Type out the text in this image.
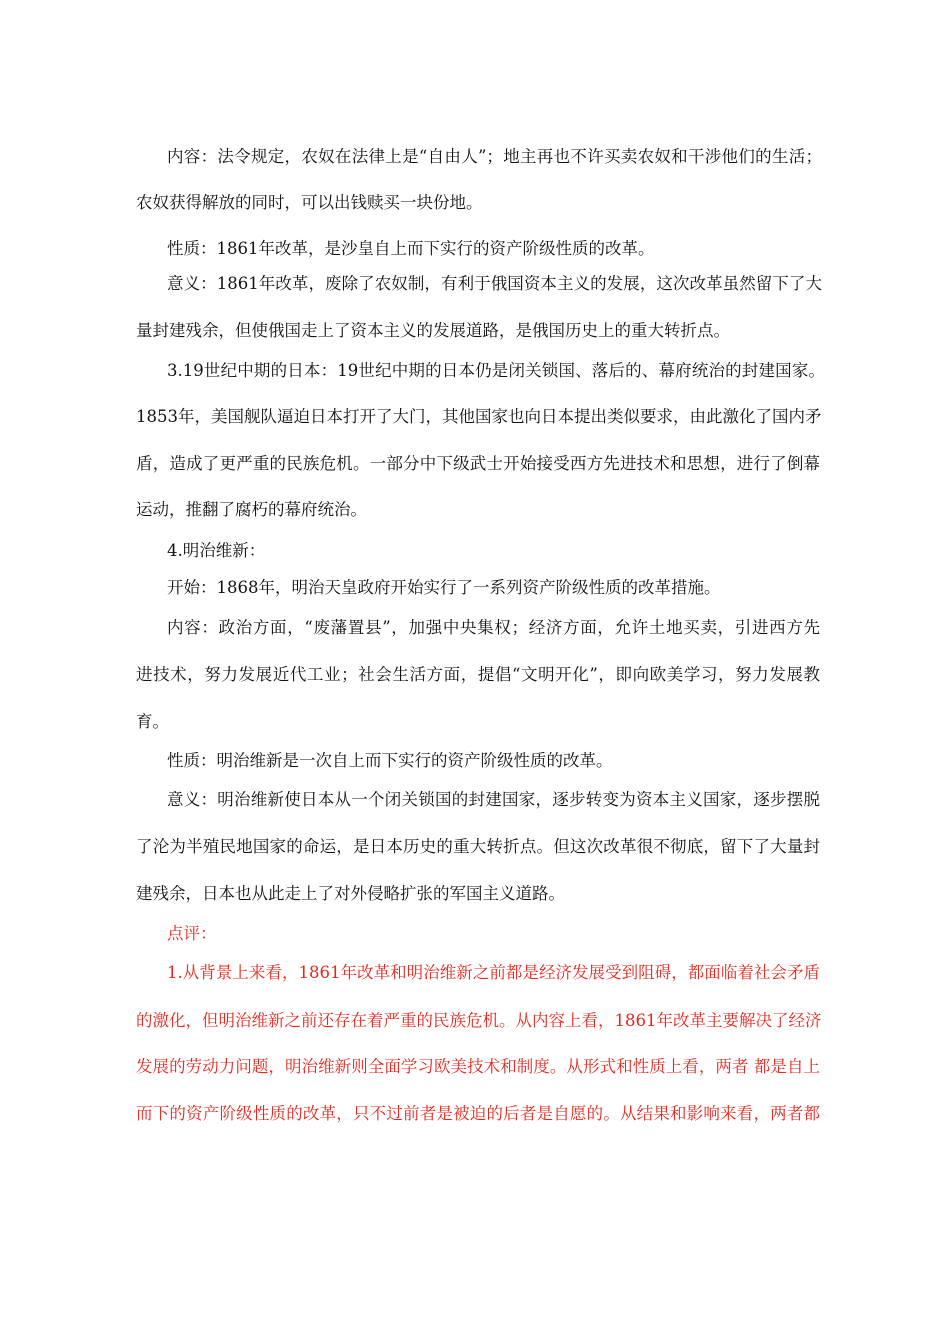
内容：法令规定，农奴在法律上是“自由人”；地主再也不许买卖农奴和干涉他们的生活；
农奴获得解放的同时，可以出钱赎买一块份地。
性质：1861年改革，是沙皇自上而下实行的资产阶级性质的改革。
意义：1861年改革，废除了农奴制，有利于俄国资本主义的发展，这次改革虽然留下了大
量封建残余，但使俄国走上了资本主义的发展道路，是俄国历史上的重大转折点。
3.19世纪中期的日本：19世纪中期的日本仍是闭关锁国、落后的、幕府统治的封建国家。
1853年，美国舰队逼迫日本打开了大门，其他国家也向日本提出类似要求，由此激化了国内矛
盾，造成了更严重的民族危机。一部分中下级武士开始接受西方先进技术和思想，进行了倒幕
运动，推翻了腐朽的幕府统治。
4.明治维新：
开始：1868年，明治天皇政府开始实行了一系列资产阶级性质的改革措施。
内容：政治方面，“废藩置县”，加强中央集权；经济方面，允许土地买卖，引进西方先
进技术，努力发展近代工业；社会生活方面，提倡“文明开化”，即向欧美学习，努力发展教
育。
性质：明治维新是一次自上而下实行的资产阶级性质的改革。
意义：明治维新使日本从一个闭关锁国的封建国家，逐步转变为资本主义国家，逐步摆脱
了沦为半殖民地国家的命运，是日本历史的重大转折点。但这次改革很不彻底，留下了大量封
建残余，日本也从此走上了对外侵略扩张的军国主义道路。
点评：
1.从背景上来看，1861年改革和明治维新之前都是经济发展受到阻碍，都面临着社会矛盾
的激化，但明治维新之前还存在着严重的民族危机。从内容上看，1861年改革主要解决了经济
发展的劳动力问题，明治维新则全面学习欧美技术和制度。从形式和性质上看，两者 都是自上
而下的资产阶级性质的改革，只不过前者是被迫的后者是自愿的。从结果和影响来看，两者都
